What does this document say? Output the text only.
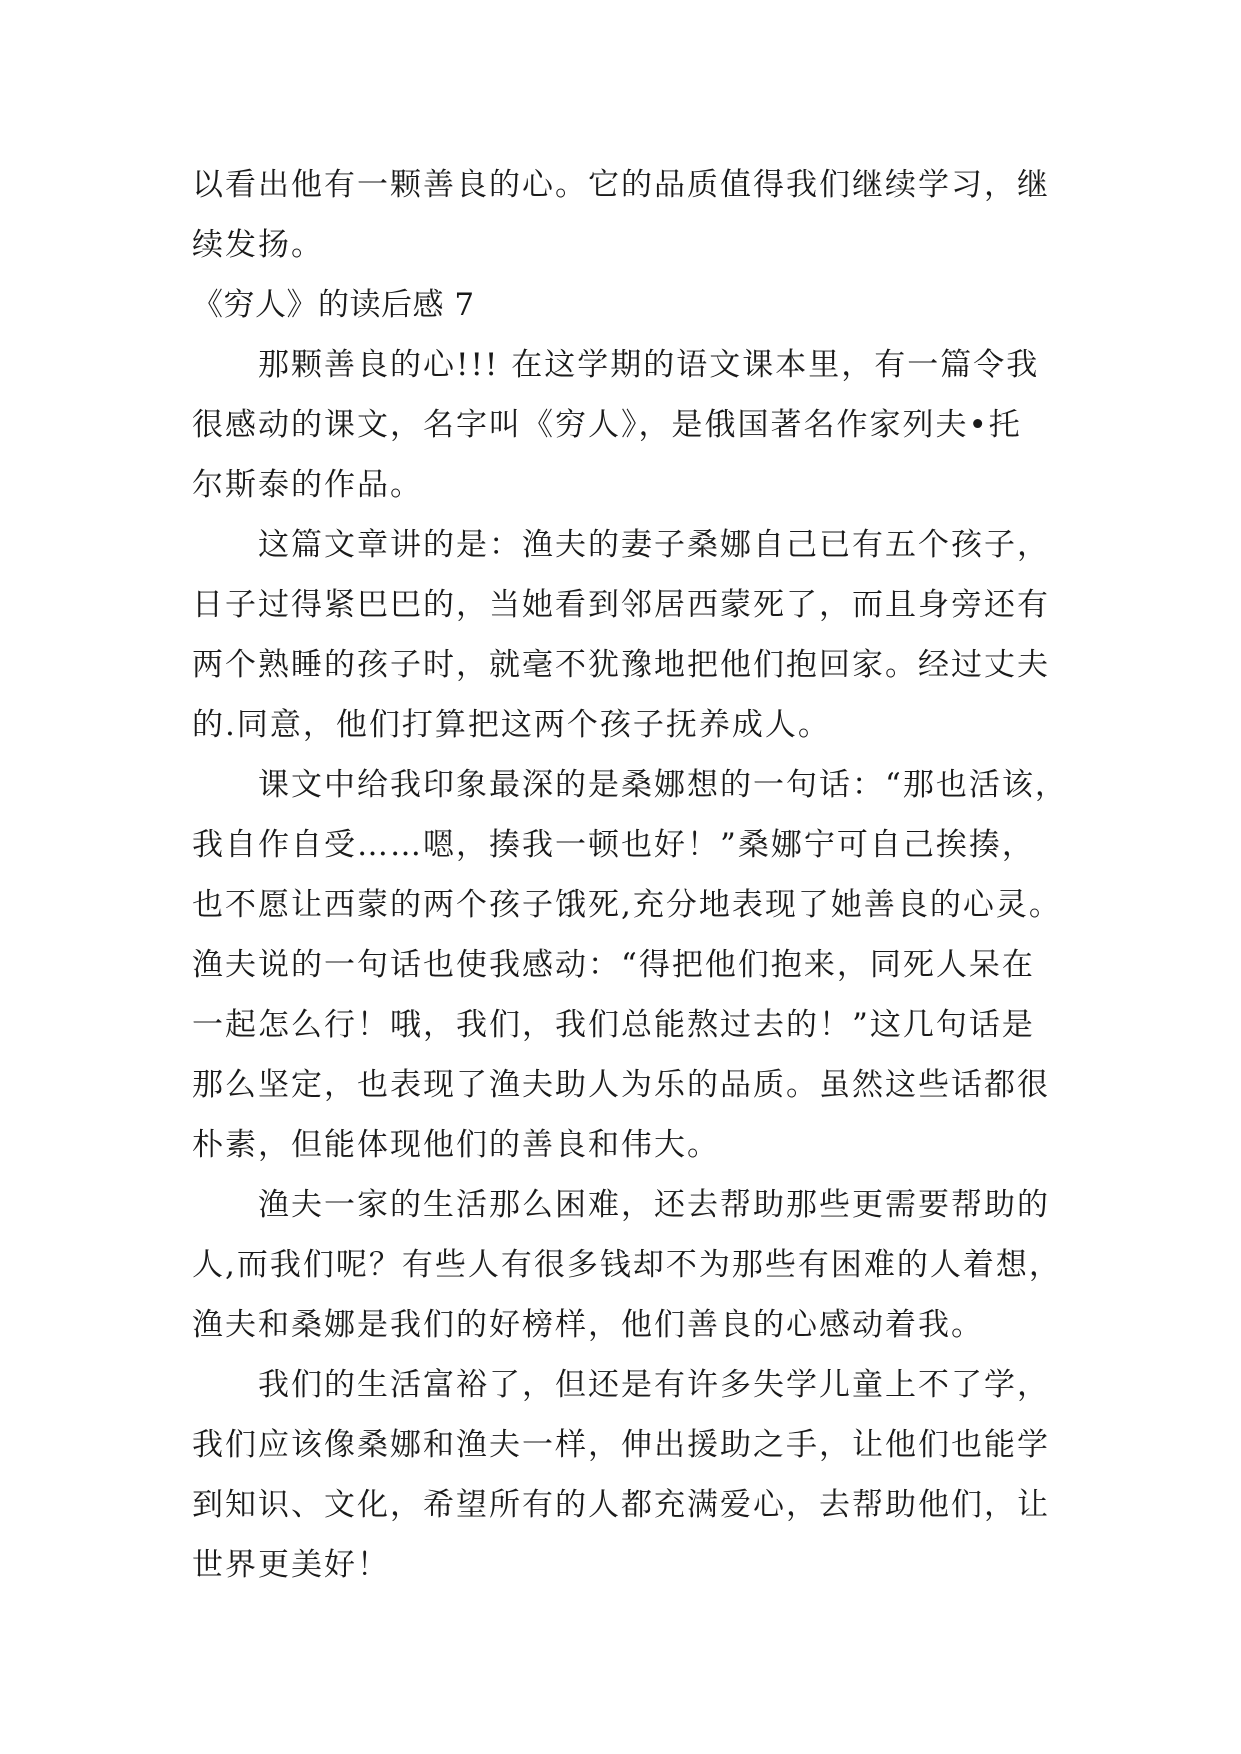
以看出他有一颗善良的心。它的品质值得我们继续学习，继
续发扬。
《穷人》的读后感 7
那颗善良的心!!! 在这学期的语文课本里，有一篇令我
很感动的课文，名字叫《穷人》，是俄国著名作家列夫•托
尔斯泰的作品。
这篇文章讲的是：渔夫的妻子桑娜自己已有五个孩子，
日子过得紧巴巴的，当她看到邻居西蒙死了，而且身旁还有
两个熟睡的孩子时，就毫不犹豫地把他们抱回家。经过丈夫
的.同意，他们打算把这两个孩子抚养成人。
课文中给我印象最深的是桑娜想的一句话：“那也活该，
我自作自受……嗯，揍我一顿也好！”桑娜宁可自己挨揍，
也不愿让西蒙的两个孩子饿死,充分地表现了她善良的心灵。
渔夫说的一句话也使我感动：“得把他们抱来，同死人呆在
一起怎么行！哦，我们，我们总能熬过去的！”这几句话是
那么坚定，也表现了渔夫助人为乐的品质。虽然这些话都很
朴素，但能体现他们的善良和伟大。
渔夫一家的生活那么困难，还去帮助那些更需要帮助的
人,而我们呢？有些人有很多钱却不为那些有困难的人着想，
渔夫和桑娜是我们的好榜样，他们善良的心感动着我。
我们的生活富裕了，但还是有许多失学儿童上不了学，
我们应该像桑娜和渔夫一样，伸出援助之手，让他们也能学
到知识、文化，希望所有的人都充满爱心，去帮助他们，让
世界更美好！
